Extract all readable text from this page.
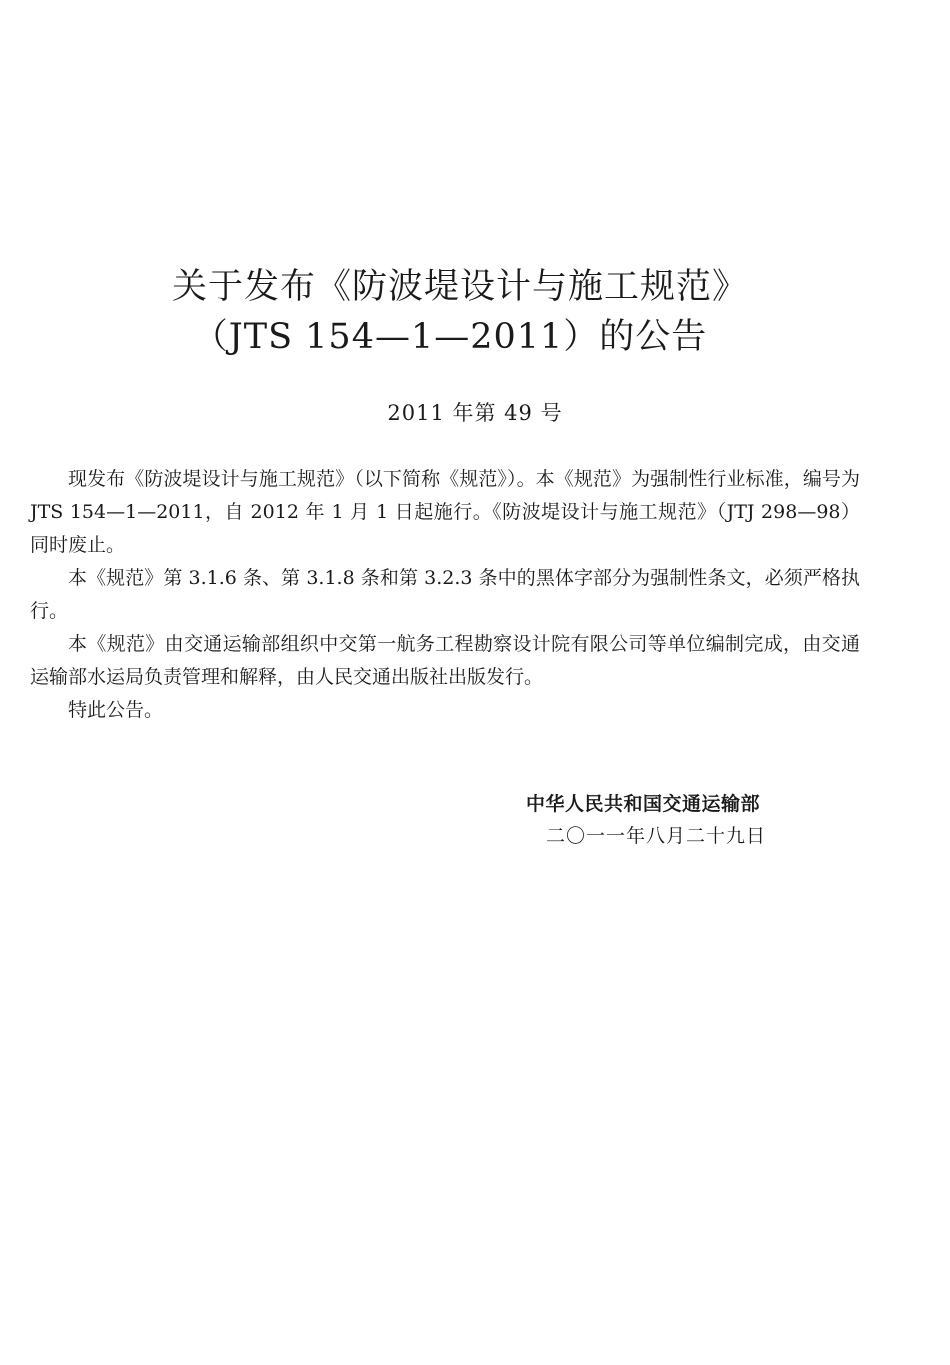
关于发布《防波堤设计与施工规范》
（JTS 154—1—2011）的公告
2011 年第 49 号

现发布《防波堤设计与施工规范》（以下简称《规范》）。本《规范》为强制性行业标准，编号为 JTS 154—1—2011，自 2012 年 1 月 1 日起施行。《防波堤设计与施工规范》（JTJ 298—98）同时废止。

本《规范》第 3.1.6 条、第 3.1.8 条和第 3.2.3 条中的黑体字部分为强制性条文，必须严格执行。

本《规范》由交通运输部组织中交第一航务工程勘察设计院有限公司等单位编制完成，由交通运输部水运局负责管理和解释，由人民交通出版社出版发行。

特此公告。

中华人民共和国交通运输部
二〇一一年八月二十九日
